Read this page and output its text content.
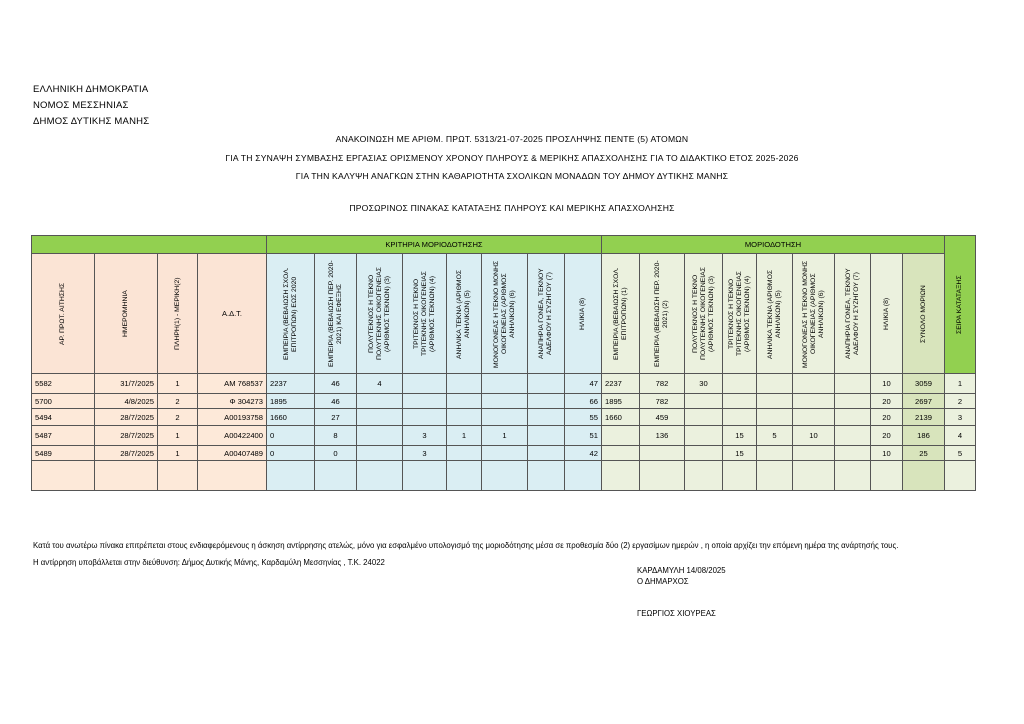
ΕΛΛΗΝΙΚΗ ΔΗΜΟΚΡΑΤΙΑ
ΝΟΜΟΣ ΜΕΣΣΗΝΙΑΣ
ΔΗΜΟΣ ΔΥΤΙΚΗΣ ΜΑΝΗΣ
ΑΝΑΚΟΙΝΩΣΗ ΜΕ ΑΡΙΘΜ. ΠΡΩΤ. 5313/21-07-2025 ΠΡΟΣΛΗΨΗΣ ΠΕΝΤΕ (5) ΑΤΟΜΩΝ
ΓΙΑ ΤΗ ΣΥΝΑΨΗ ΣΥΜΒΑΣΗΣ ΕΡΓΑΣΙΑΣ ΟΡΙΣΜΕΝΟΥ ΧΡΟΝΟΥ ΠΛΗΡΟΥΣ & ΜΕΡΙΚΗΣ ΑΠΑΣΧΟΛΗΣΗΣ ΓΙΑ ΤΟ ΔΙΔΑΚΤΙΚΟ ΕΤΟΣ 2025-2026
ΓΙΑ ΤΗΝ ΚΑΛΥΨΗ ΑΝΑΓΚΩΝ ΣΤΗΝ ΚΑΘΑΡΙΟΤΗΤΑ ΣΧΟΛΙΚΩΝ ΜΟΝΑΔΩΝ ΤΟΥ ΔΗΜΟΥ ΔΥΤΙΚΗΣ ΜΑΝΗΣ
ΠΡΟΣΩΡΙΝΟΣ ΠΙΝΑΚΑΣ ΚΑΤΑΤΑΞΗΣ ΠΛΗΡΟΥΣ ΚΑΙ ΜΕΡΙΚΗΣ ΑΠΑΣΧΟΛΗΣΗΣ
				ΚΡΙΤΗΡΙΑ ΜΟΡΙΟΔΟΤΗΣΗΣ								ΜΟΡΙΟΔΟΤΗΣΗ									ΣΕΙΡΑ ΚΑΤΑΤΑΞΗΣ

ΑΡ. ΠΡΩΤ. ΑΙΤΗΣΗΣ	ΗΜΕΡΟΜΗΝΙΑ	ΠΛΗΡΗ(1) - ΜΕΡΙΚΗ(2)	Α.Δ.Τ.	ΕΜΠΕΙΡΙΑ (ΒΕΒΑΙΩΣΗ ΣΧΟΛ. ΕΠΙΤΡΟΠΩΝ) ΕΩΣ 2020	ΕΜΠΕΙΡΙΑ (ΒΕΒΑΙΩΣΗ ΠΕΡ. 2020-2021) ΚΑΙ ΕΦΕΞΗΣ	ΠΟΛΥΤΕΚΝΟΣ Η ΤΕΚΝΟ ΠΟΛΥΤΕΚΝΗΣ ΟΙΚΟΓΕΝΕΙΑΣ (ΑΡΙΘΜΟΣ ΤΕΚΝΩΝ) (3)	ΤΡΙΤΕΚΝΟΣ Η ΤΕΚΝΟ ΤΡΙΤΕΚΝΗΣ ΟΙΚΟΓΕΝΕΙΑΣ (ΑΡΙΘΜΟΣ ΤΕΚΝΩΝ) (4)	ΑΝΗΛΙΚΑ ΤΕΚΝΑ (ΑΡΙΘΜΟΣ ΑΝΗΛΙΚΩΝ) (5)	ΜΟΝΟΓΟΝΕΑΣ Η ΤΕΚΝΟ ΜΟΝΗΣ ΟΙΚΟΓΕΝΕΙΑΣ (ΑΡΙΘΜΟΣ ΑΝΗΛΙΚΩΝ) (6)	ΑΝΑΠΗΡΙΑ ΓΟΝΕΑ, ΤΕΚΝΟΥ ΑΔΕΛΦΟΥ Η ΣΥΖΗΓΟΥ (7)	ΗΛΙΚΙΑ (8)	ΕΜΠΕΙΡΙΑ (ΒΕΒΑΙΩΣΗ ΣΧΟΛ. ΕΠΙΤΡΟΠΩΝ) (1)	ΕΜΠΕΙΡΙΑ (ΒΕΒΑΙΩΣΗ ΠΕΡ. 2020-2021) (2)	ΠΟΛΥΤΕΚΝΟΣ Η ΤΕΚΝΟ ΠΟΛΥΤΕΚΝΗΣ ΟΙΚΟΓΕΝΕΙΑΣ (ΑΡΙΘΜΟΣ ΤΕΚΝΩΝ) (3)	ΤΡΙΤΕΚΝΟΣ Η ΤΕΚΝΟ ΤΡΙΤΕΚΝΗΣ ΟΙΚΟΓΕΝΕΙΑΣ (ΑΡΙΘΜΟΣ ΤΕΚΝΩΝ) (4)	ΑΝΗΛΙΚΑ ΤΕΚΝΑ (ΑΡΙΘΜΟΣ ΑΝΗΛΙΚΩΝ) (5)	ΜΟΝΟΓΟΝΕΑΣ Η ΤΕΚΝΟ ΜΟΝΗΣ ΟΙΚΟΓΕΝΕΙΑΣ (ΑΡΙΘΜΟΣ ΑΝΗΛΙΚΩΝ) (6)	ΑΝΑΠΗΡΙΑ ΓΟΝΕΑ, ΤΕΚΝΟΥ ΑΔΕΛΦΟΥ Η ΣΥΖΗΓΟΥ (7)	ΗΛΙΚΙΑ (8)	ΣΥΝΟΛΟ ΜΟΡΙΩΝ	

5582	31/7/2025	1	ΑΜ 768537	2237	46	4					47	2237	782	30					10	3059	1
5700	4/8/2025	2	Φ 304273	1895	46						66	1895	782						20	2697	2
5494	28/7/2025	2	Α00193758	1660	27						55	1660	459						20	2139	3
5487	28/7/2025	1	Α00422400	0	8		3	1	1		51		136		15	5	10		20	186	4
5489	28/7/2025	1	Α00407489	0	0		3				42				15				10	25	5

Κατά του ανωτέρω πίνακα επιτρέπεται στους ενδιαφερόμενους η άσκηση αντίρρησης ατελώς, μόνο για εσφαλμένο υπολογισμό της μοριοδότησης μέσα σε προθεσμία δύο (2) εργασίμων ημερών , η οποία αρχίζει την επόμενη ημέρα της ανάρτησής τους.
Η αντίρρηση υποβάλλεται στην διεύθυνση: Δήμος Δυτικής Μάνης, Καρδαμύλη Μεσσηνίας , Τ.Κ. 24022
ΚΑΡΔΑΜΥΛΗ 14/08/2025
Ο ΔΗΜΑΡΧΟΣ
ΓΕΩΡΓΙΟΣ ΧΙΟΥΡΕΑΣ
